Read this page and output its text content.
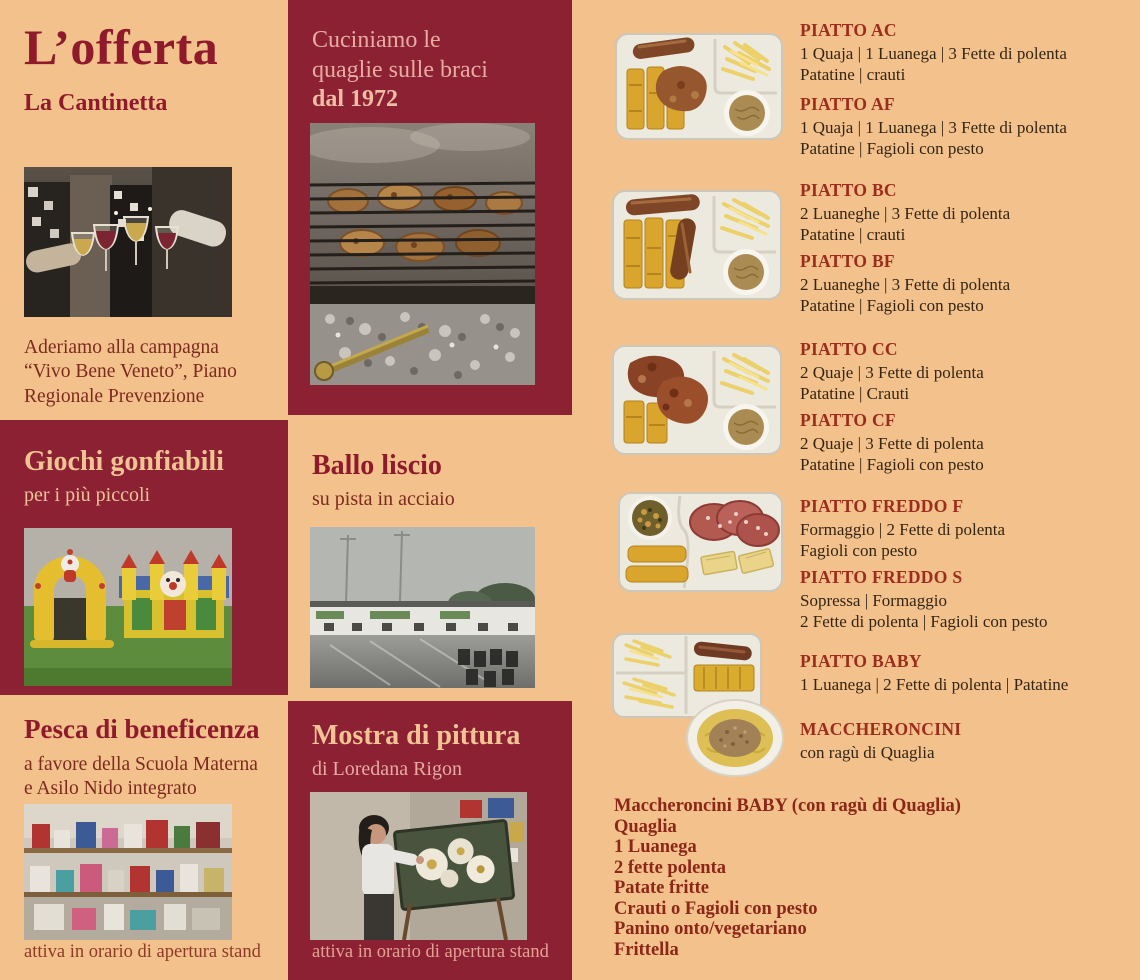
L’offerta
La Cantinetta
Aderiamo alla campagna
“Vivo Bene Veneto”, Piano
Regionale Prevenzione
Giochi gonfiabili
per i più piccoli
Pesca di beneficenza
a favore della Scuola Materna
e Asilo Nido integrato
attiva in orario di apertura stand
Cuciniamo le
quaglie sulle braci
dal 1972
Ballo liscio
su pista in acciaio
Mostra di pittura
di Loredana Rigon
attiva in orario di apertura stand
PIATTO AC
1 Quaja | 1 Luanega | 3 Fette di polenta
Patatine | crauti
PIATTO AF
1 Quaja | 1 Luanega | 3 Fette di polenta
Patatine | Fagioli con pesto
PIATTO BC
2 Luaneghe | 3 Fette di polenta
Patatine | crauti
PIATTO BF
2 Luaneghe | 3 Fette di polenta
Patatine | Fagioli con pesto
PIATTO CC
2 Quaje | 3 Fette di polenta
Patatine | Crauti
PIATTO CF
2 Quaje | 3 Fette di polenta
Patatine | Fagioli con pesto
PIATTO FREDDO F
Formaggio | 2 Fette di polenta
Fagioli con pesto
PIATTO FREDDO S
Sopressa | Formaggio
2 Fette di polenta | Fagioli con pesto
PIATTO BABY
1 Luanega | 2 Fette di polenta | Patatine
MACCHERONCINI
con ragù di Quaglia
Maccheroncini BABY (con ragù di Quaglia)
Quaglia
1 Luanega
2 fette polenta
Patate fritte
Crauti o Fagioli con pesto
Panino onto/vegetariano
Frittella
